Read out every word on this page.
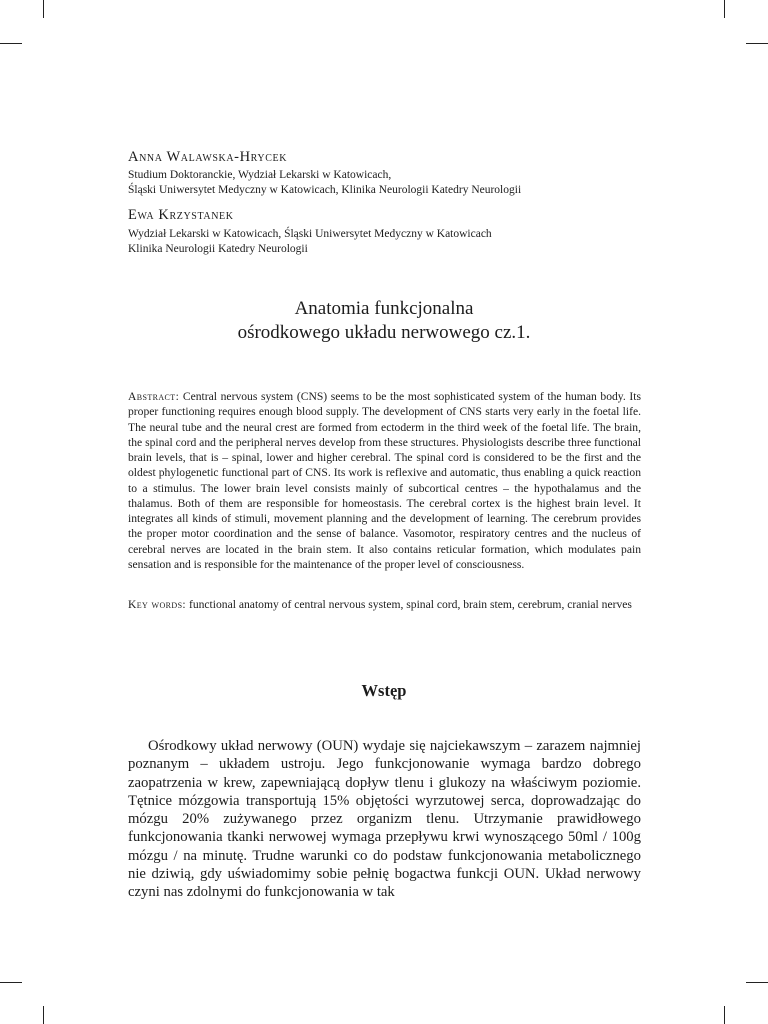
Anna Walawska-Hrycek
Studium Doktoranckie, Wydział Lekarski w Katowicach,
Śląski Uniwersytet Medyczny w Katowicach, Klinika Neurologii Katedry Neurologii
Ewa Krzystanek
Wydział Lekarski w Katowicach, Śląski Uniwersytet Medyczny w Katowicach
Klinika Neurologii Katedry Neurologii
Anatomia funkcjonalna
ośrodkowego układu nerwowego cz.1.

Abstract: Central nervous system (CNS) seems to be the most sophisticated system of the human body. Its proper functioning requires enough blood supply. The development of CNS starts very early in the foetal life. The neural tube and the neural crest are formed from ectoderm in the third week of the foetal life. The brain, the spinal cord and the peripheral nerves develop from these structures. Physiologists describe three functional brain levels, that is – spinal, lower and higher cerebral. The spinal cord is considered to be the first and the oldest phylogenetic functional part of CNS. Its work is reflexive and automatic, thus enabling a quick reaction to a stimulus. The lower brain level consists mainly of subcortical centres – the hypothalamus and the thalamus. Both of them are responsible for homeostasis. The cerebral cortex is the highest brain level. It integrates all kinds of stimuli, movement planning and the development of learning. The cerebrum provides the proper motor coordination and the sense of balance. Vasomotor, respiratory centres and the nucleus of cerebral nerves are located in the brain stem. It also contains reticular formation, which modulates pain sensation and is responsible for the maintenance of the proper level of consciousness.

Key words: functional anatomy of central nervous system, spinal cord, brain stem, cerebrum, cranial nerves

Wstęp

Ośrodkowy układ nerwowy (OUN) wydaje się najciekawszym – zarazem najmniej poznanym – układem ustroju. Jego funkcjonowanie wymaga bardzo dobrego zaopatrzenia w krew, zapewniającą dopływ tlenu i glukozy na właściwym poziomie. Tętnice mózgowia transportują 15% objętości wyrzutowej serca, doprowadzając do mózgu 20% zużywanego przez organizm tlenu. Utrzymanie prawidłowego funkcjonowania tkanki nerwowej wymaga przepływu krwi wynoszącego 50ml / 100g mózgu / na minutę. Trudne warunki co do podstaw funkcjonowania metabolicznego nie dziwią, gdy uświadomimy sobie pełnię bogactwa funkcji OUN. Układ nerwowy czyni nas zdolnymi do funkcjonowania w tak
